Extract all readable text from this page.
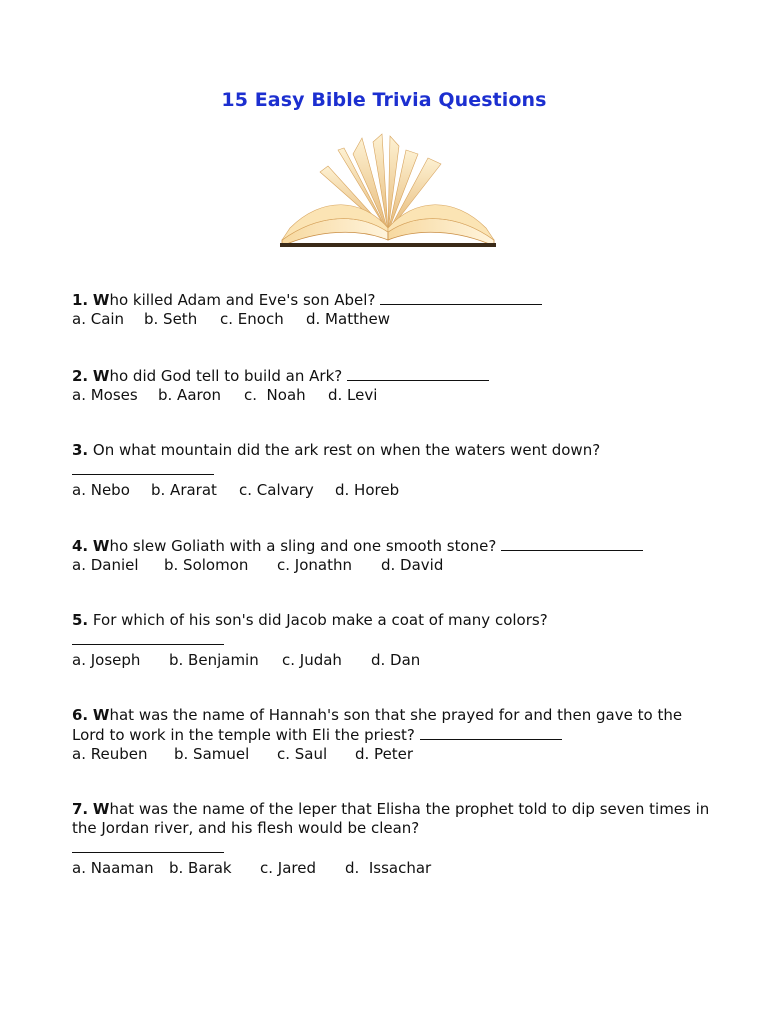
15 Easy Bible Trivia Questions

1. Who killed Adam and Eve's son Abel?

a. Cain	b. Seth	c. Enoch	d. Matthew

2. Who did God tell to build an Ark?

a. Moses	b. Aaron	c.  Noah	d. Levi

3. On what mountain did the ark rest on when the waters went down?

a. Nebo	b. Ararat	c. Calvary	d. Horeb

4. Who slew Goliath with a sling and one smooth stone?

a. Daniel	b. Solomon	c. Jonathn	d. David

5. For which of his son's did Jacob make a coat of many colors?

a. Joseph	b. Benjamin	c. Judah	d. Dan

6. What was the name of Hannah's son that she prayed for and then gave to the Lord to work in the temple with Eli the priest?

a. Reuben	b. Samuel	c. Saul	d. Peter

7. What was the name of the leper that Elisha the prophet told to dip seven times in the Jordan river, and his flesh would be clean?

a. Naaman	b. Barak	c. Jared	d.  Issachar
